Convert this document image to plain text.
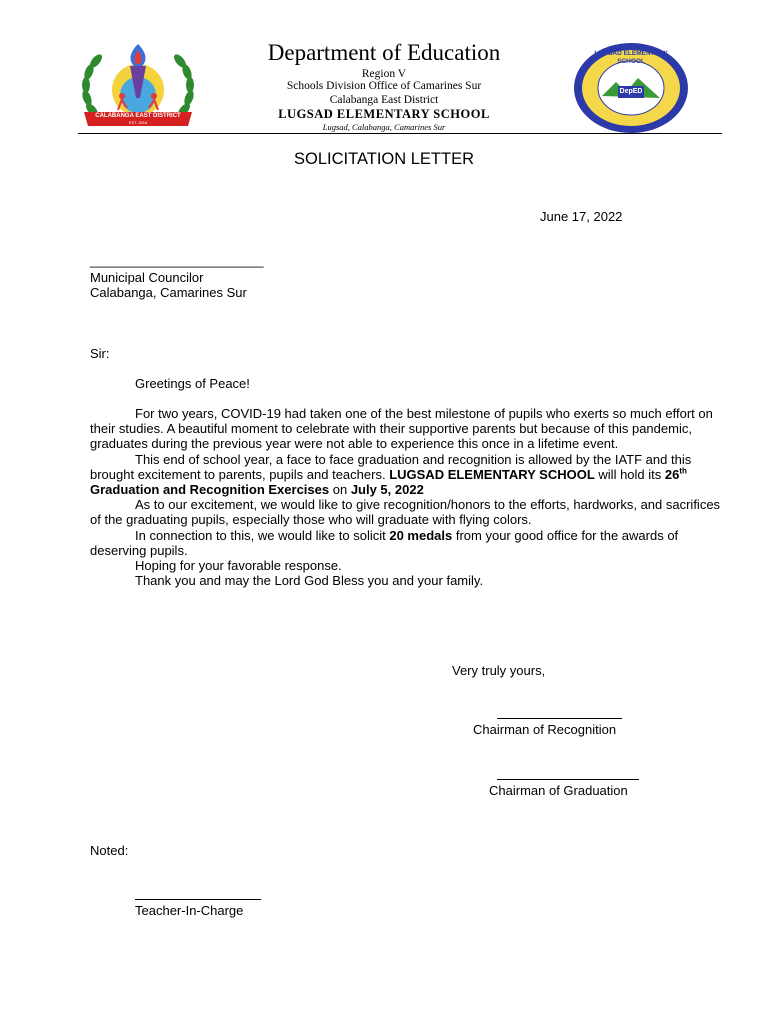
CALABANGA EAST DISTRICT
EST. 2016
Department of Education
Region V
Schools Division Office of Camarines Sur
Calabanga East District
LUGSAD ELEMENTARY SCHOOL
Lugsad, Calabanga, Camarines Sur
LUGSAD ELEMENTARY SCHOOL
DepED
SOLICITATION LETTER
June 17, 2022
________________________
Municipal Councilor
Calabanga, Camarines Sur
Sir:
Greetings of Peace!
For two years, COVID-19 had taken one of the best milestone of pupils who exerts so much effort on their studies. A beautiful moment to celebrate with their supportive parents but because of this pandemic, graduates during the previous year were not able to experience this once in a lifetime event.
This end of school year, a face to face graduation and recognition is allowed by the IATF and this brought excitement to parents, pupils and teachers. LUGSAD ELEMENTARY SCHOOL will hold its 26th Graduation and Recognition Exercises on July 5, 2022
As to our excitement, we would like to give recognition/honors to the efforts, hardworks, and sacrifices of the graduating pupils, especially those who will graduate with flying colors.
In connection to this, we would like to solicit 20 medals from your good office for the awards of deserving pupils.
Hoping for your favorable response.
Thank you and may the Lord God Bless you and your family.
Very truly yours,
Chairman of Recognition
Chairman of Graduation
Noted:
Teacher-In-Charge
